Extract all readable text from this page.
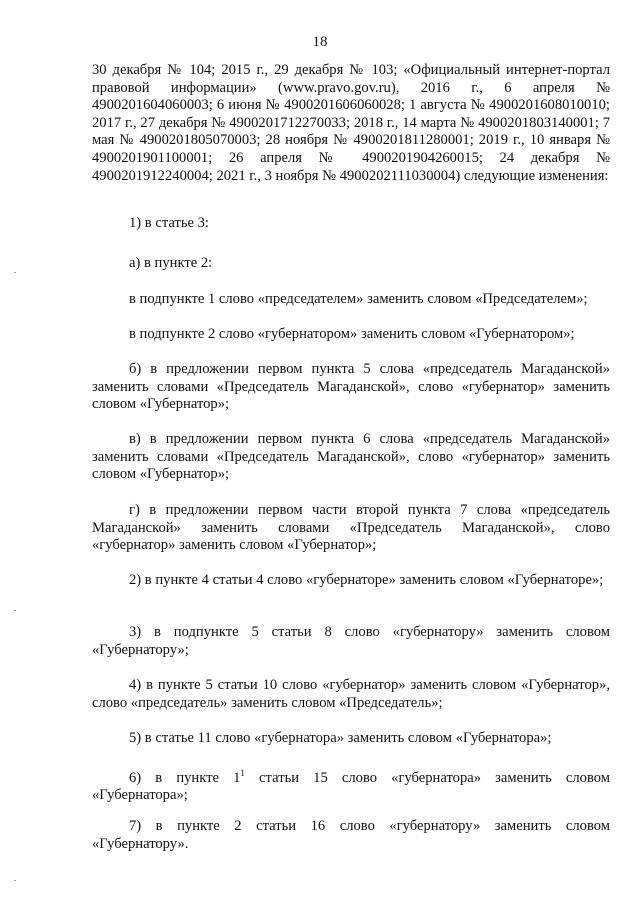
18
30 декабря № 104; 2015 г., 29 декабря № 103; «Официальный интернет-портал правовой информации» (www.pravo.gov.ru), 2016 г., 6 апреля № 4900201604060003; 6 июня № 4900201606060028; 1 августа № 4900201608010010; 2017 г., 27 декабря № 4900201712270033; 2018 г., 14 марта № 4900201803140001; 7 мая № 4900201805070003; 28 ноября № 4900201811280001; 2019 г., 10 января № 4900201901100001; 26 апреля № 4900201904260015; 24 декабря № 4900201912240004; 2021 г., 3 ноября № 4900202111030004) следующие изменения:

1) в статье 3:

а) в пункте 2:

в подпункте 1 слово «председателем» заменить словом «Председателем»;

в подпункте 2 слово «губернатором» заменить словом «Губернатором»;

б) в предложении первом пункта 5 слова «председатель Магаданской» заменить словами «Председатель Магаданской», слово «губернатор» заменить словом «Губернатор»;

в) в предложении первом пункта 6 слова «председатель Магаданской» заменить словами «Председатель Магаданской», слово «губернатор» заменить словом «Губернатор»;

г) в предложении первом части второй пункта 7 слова «председатель Магаданской» заменить словами «Председатель Магаданской», слово «губернатор» заменить словом «Губернатор»;

2) в пункте 4 статьи 4 слово «губернаторе» заменить словом «Губернаторе»;

3) в подпункте 5 статьи 8 слово «губернатору» заменить словом «Губернатору»;

4) в пункте 5 статьи 10 слово «губернатор» заменить словом «Губернатор», слово «председатель» заменить словом «Председатель»;

5) в статье 11 слово «губернатора» заменить словом «Губернатора»;

6) в пункте $1^1$ статьи 15 слово «губернатора» заменить словом «Губернатора»;

7) в пункте 2 статьи 16 слово «губернатору» заменить словом «Губернатору».
